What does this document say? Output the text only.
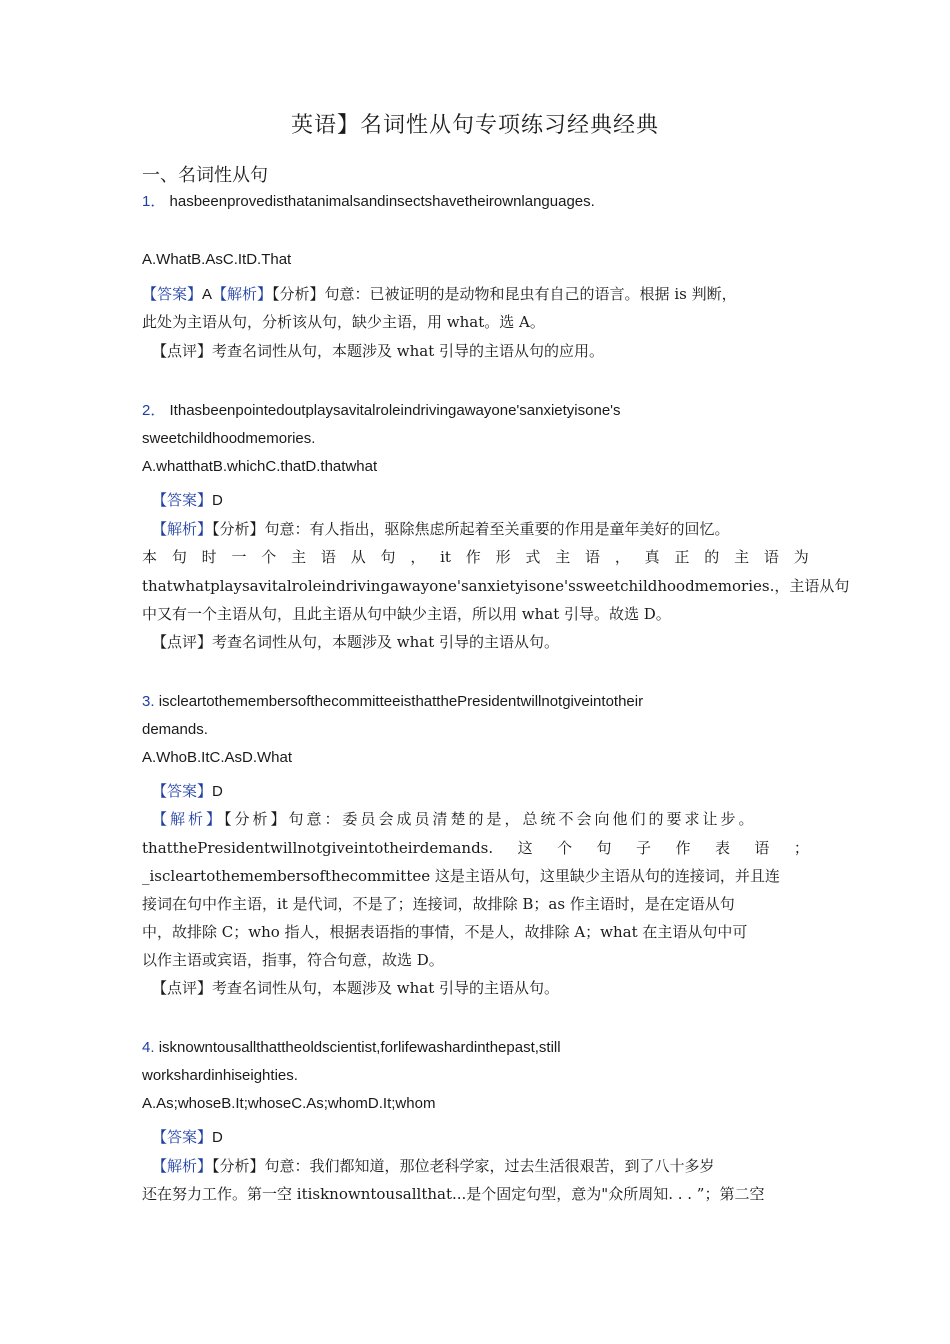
英语】名词性从句专项练习经典经典
一、名词性从句
1． hasbeenprovedisthatanimalsandinsectshavetheirownlanguages.
A.WhatB.AsC.ItD.That
【答案】A【解析】【分析】句意：已被证明的是动物和昆虫有自己的语言。根据 is 判断，
此处为主语从句，分析该从句，缺少主语，用 what。选 A。
【点评】考查名词性从句，本题涉及 what 引导的主语从句的应用。
2． Ithasbeenpointedoutplaysavitalroleindrivingawayone'sanxietyisone's
sweetchildhoodmemories.
A.whatthatB.whichC.thatD.thatwhat
【答案】D
【解析】【分析】句意：有人指出，驱除焦虑所起着至关重要的作用是童年美好的回忆。
本 句 时 一 个 主 语 从 句 ， it 作 形 式 主 语 ， 真 正 的 主 语 为
thatwhatplaysavitalroleindrivingawayone'sanxietyisone'ssweetchildhoodmemories.，主语从句
中又有一个主语从句，且此主语从句中缺少主语，所以用 what 引导。故选 D。
【点评】考查名词性从句，本题涉及 what 引导的主语从句。
3. iscleartothemembersofthecommitteeisthatthePresidentwillnotgiveintotheir
demands.
A.WhoB.ItC.AsD.What
【答案】D
【解析】【分析】句意：委员会成员清楚的是，总统不会向他们的要求让步。
thatthePresidentwillnotgiveintotheirdemands. 这 个 句 子 作 表 语 ；
_iscleartothemembersofthecommittee 这是主语从句，这里缺少主语从句的连接词，并且连
接词在句中作主语，it 是代词，不是了；连接词，故排除 B；as 作主语时，是在定语从句
中，故排除 C；who 指人，根据表语指的事情，不是人，故排除 A；what 在主语从句中可
以作主语或宾语，指事，符合句意，故选 D。
【点评】考查名词性从句，本题涉及 what 引导的主语从句。
4. isknowntousallthattheoldscientist,forlifewashardinthepast,still
workshardinhiseighties.
A.As;whoseB.It;whoseC.As;whomD.It;whom
【答案】D
【解析】【分析】句意：我们都知道，那位老科学家，过去生活很艰苦，到了八十多岁
还在努力工作。第一空 itisknowntousallthat...是个固定句型，意为"众所周知. . . ”；第二空
